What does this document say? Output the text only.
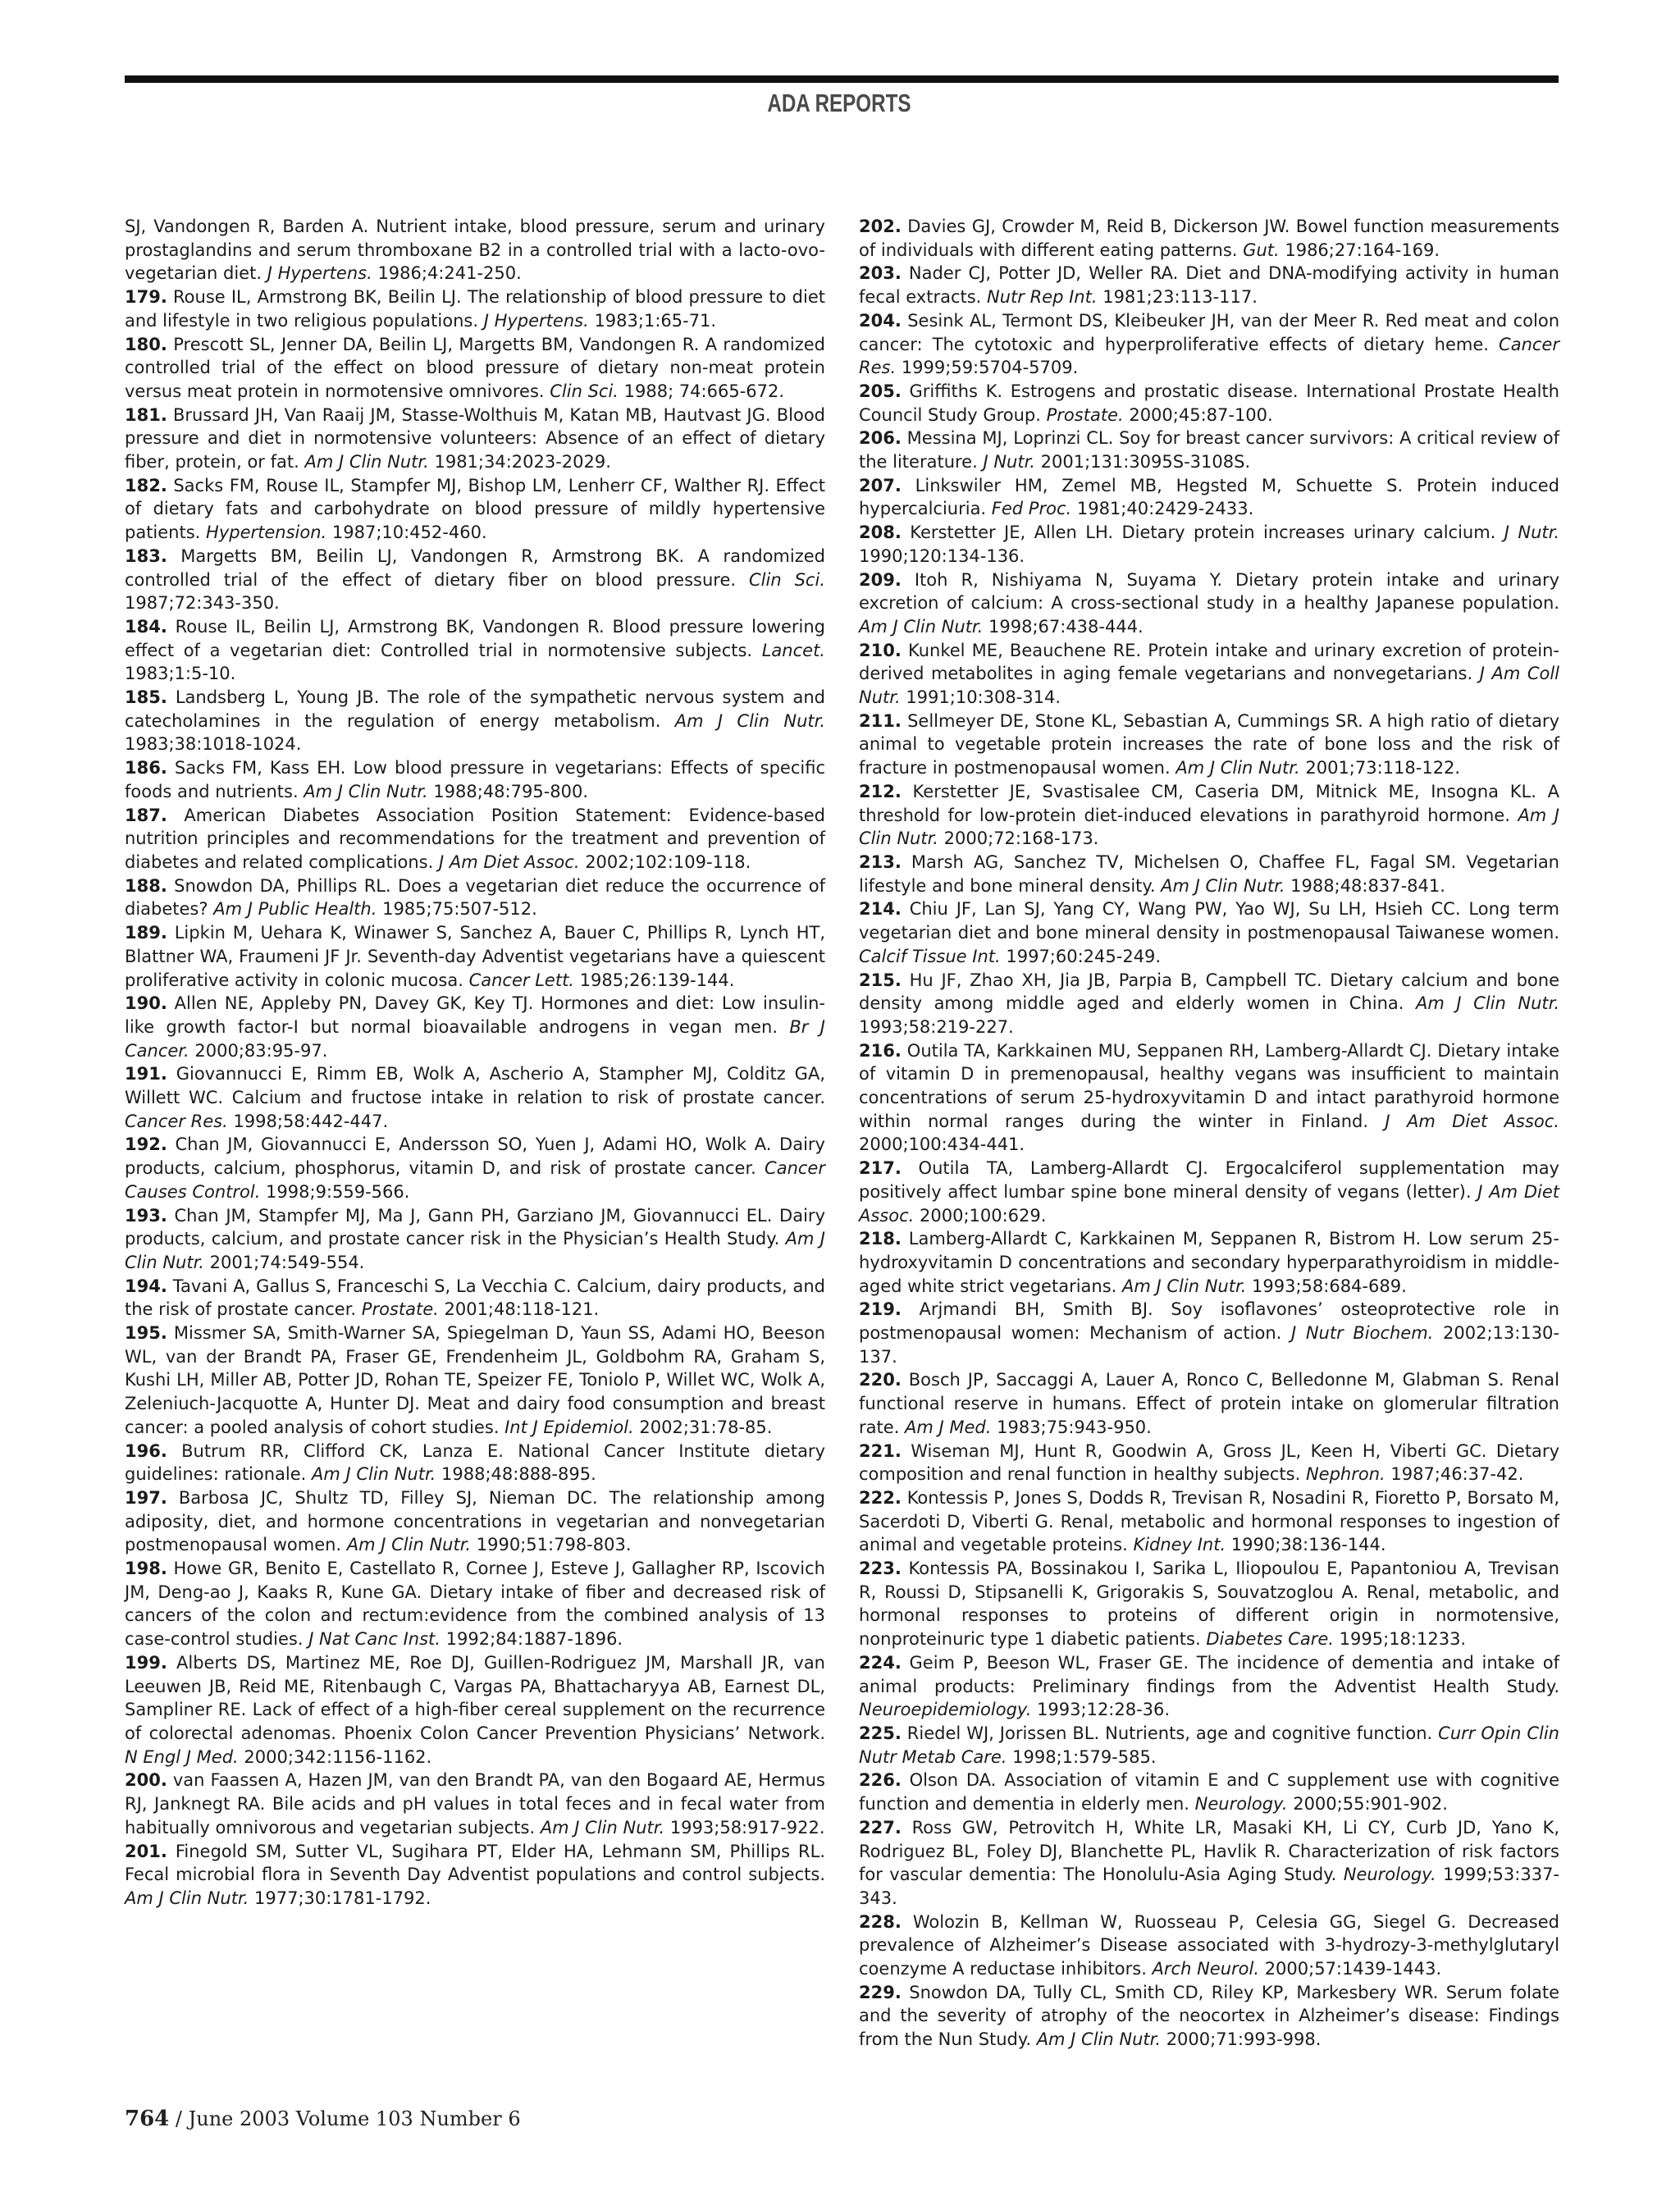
ADA REPORTS

SJ, Vandongen R, Barden A. Nutrient intake, blood pressure, serum and urinary prostaglandins and serum thromboxane B2 in a controlled trial with a lacto-ovo-vegetarian diet. J Hypertens. 1986;4:241-250.

179. Rouse IL, Armstrong BK, Beilin LJ. The relationship of blood pressure to diet and lifestyle in two religious populations. J Hypertens. 1983;1:65-71.

180. Prescott SL, Jenner DA, Beilin LJ, Margetts BM, Vandongen R. A randomized controlled trial of the effect on blood pressure of dietary non-meat protein versus meat protein in normotensive omnivores. Clin Sci. 1988; 74:665-672.

181. Brussard JH, Van Raaij JM, Stasse-Wolthuis M, Katan MB, Hautvast JG. Blood pressure and diet in normotensive volunteers: Absence of an effect of dietary fiber, protein, or fat. Am J Clin Nutr. 1981;34:2023-2029.

182. Sacks FM, Rouse IL, Stampfer MJ, Bishop LM, Lenherr CF, Walther RJ. Effect of dietary fats and carbohydrate on blood pressure of mildly hypertensive patients. Hypertension. 1987;10:452-460.

183. Margetts BM, Beilin LJ, Vandongen R, Armstrong BK. A randomized controlled trial of the effect of dietary fiber on blood pressure. Clin Sci. 1987;72:343-350.

184. Rouse IL, Beilin LJ, Armstrong BK, Vandongen R. Blood pressure lowering effect of a vegetarian diet: Controlled trial in normotensive subjects. Lancet. 1983;1:5-10.

185. Landsberg L, Young JB. The role of the sympathetic nervous system and catecholamines in the regulation of energy metabolism. Am J Clin Nutr. 1983;38:1018-1024.

186. Sacks FM, Kass EH. Low blood pressure in vegetarians: Effects of specific foods and nutrients. Am J Clin Nutr. 1988;48:795-800.

187. American Diabetes Association Position Statement: Evidence-based nutrition principles and recommendations for the treatment and prevention of diabetes and related complications. J Am Diet Assoc. 2002;102:109-118.

188. Snowdon DA, Phillips RL. Does a vegetarian diet reduce the occurrence of diabetes? Am J Public Health. 1985;75:507-512.

189. Lipkin M, Uehara K, Winawer S, Sanchez A, Bauer C, Phillips R, Lynch HT, Blattner WA, Fraumeni JF Jr. Seventh-day Adventist vegetarians have a quiescent proliferative activity in colonic mucosa. Cancer Lett. 1985;26:139-144.

190. Allen NE, Appleby PN, Davey GK, Key TJ. Hormones and diet: Low insulin-like growth factor-I but normal bioavailable androgens in vegan men. Br J Cancer. 2000;83:95-97.

191. Giovannucci E, Rimm EB, Wolk A, Ascherio A, Stampher MJ, Colditz GA, Willett WC. Calcium and fructose intake in relation to risk of prostate cancer. Cancer Res. 1998;58:442-447.

192. Chan JM, Giovannucci E, Andersson SO, Yuen J, Adami HO, Wolk A. Dairy products, calcium, phosphorus, vitamin D, and risk of prostate cancer. Cancer Causes Control. 1998;9:559-566.

193. Chan JM, Stampfer MJ, Ma J, Gann PH, Garziano JM, Giovannucci EL. Dairy products, calcium, and prostate cancer risk in the Physician’s Health Study. Am J Clin Nutr. 2001;74:549-554.

194. Tavani A, Gallus S, Franceschi S, La Vecchia C. Calcium, dairy products, and the risk of prostate cancer. Prostate. 2001;48:118-121.

195. Missmer SA, Smith-Warner SA, Spiegelman D, Yaun SS, Adami HO, Beeson WL, van der Brandt PA, Fraser GE, Frendenheim JL, Goldbohm RA, Graham S, Kushi LH, Miller AB, Potter JD, Rohan TE, Speizer FE, Toniolo P, Willet WC, Wolk A, Zeleniuch-Jacquotte A, Hunter DJ. Meat and dairy food consumption and breast cancer: a pooled analysis of cohort studies. Int J Epidemiol. 2002;31:78-85.

196. Butrum RR, Clifford CK, Lanza E. National Cancer Institute dietary guidelines: rationale. Am J Clin Nutr. 1988;48:888-895.

197. Barbosa JC, Shultz TD, Filley SJ, Nieman DC. The relationship among adiposity, diet, and hormone concentrations in vegetarian and nonvegetarian postmenopausal women. Am J Clin Nutr. 1990;51:798-803.

198. Howe GR, Benito E, Castellato R, Cornee J, Esteve J, Gallagher RP, Iscovich JM, Deng-ao J, Kaaks R, Kune GA. Dietary intake of fiber and decreased risk of cancers of the colon and rectum:evidence from the combined analysis of 13 case-control studies. J Nat Canc Inst. 1992;84:1887-1896.

199. Alberts DS, Martinez ME, Roe DJ, Guillen-Rodriguez JM, Marshall JR, van Leeuwen JB, Reid ME, Ritenbaugh C, Vargas PA, Bhattacharyya AB, Earnest DL, Sampliner RE. Lack of effect of a high-fiber cereal supplement on the recurrence of colorectal adenomas. Phoenix Colon Cancer Prevention Physicians’ Network. N Engl J Med. 2000;342:1156-1162.

200. van Faassen A, Hazen JM, van den Brandt PA, van den Bogaard AE, Hermus RJ, Janknegt RA. Bile acids and pH values in total feces and in fecal water from habitually omnivorous and vegetarian subjects. Am J Clin Nutr. 1993;58:917-922.

201. Finegold SM, Sutter VL, Sugihara PT, Elder HA, Lehmann SM, Phillips RL. Fecal microbial flora in Seventh Day Adventist populations and control subjects. Am J Clin Nutr. 1977;30:1781-1792.

202. Davies GJ, Crowder M, Reid B, Dickerson JW. Bowel function measurements of individuals with different eating patterns. Gut. 1986;27:164-169.

203. Nader CJ, Potter JD, Weller RA. Diet and DNA-modifying activity in human fecal extracts. Nutr Rep Int. 1981;23:113-117.

204. Sesink AL, Termont DS, Kleibeuker JH, van der Meer R. Red meat and colon cancer: The cytotoxic and hyperproliferative effects of dietary heme. Cancer Res. 1999;59:5704-5709.

205. Griffiths K. Estrogens and prostatic disease. International Prostate Health Council Study Group. Prostate. 2000;45:87-100.

206. Messina MJ, Loprinzi CL. Soy for breast cancer survivors: A critical review of the literature. J Nutr. 2001;131:3095S-3108S.

207. Linkswiler HM, Zemel MB, Hegsted M, Schuette S. Protein induced hypercalciuria. Fed Proc. 1981;40:2429-2433.

208. Kerstetter JE, Allen LH. Dietary protein increases urinary calcium. J Nutr. 1990;120:134-136.

209. Itoh R, Nishiyama N, Suyama Y. Dietary protein intake and urinary excretion of calcium: A cross-sectional study in a healthy Japanese population. Am J Clin Nutr. 1998;67:438-444.

210. Kunkel ME, Beauchene RE. Protein intake and urinary excretion of protein-derived metabolites in aging female vegetarians and nonvegetarians. J Am Coll Nutr. 1991;10:308-314.

211. Sellmeyer DE, Stone KL, Sebastian A, Cummings SR. A high ratio of dietary animal to vegetable protein increases the rate of bone loss and the risk of fracture in postmenopausal women. Am J Clin Nutr. 2001;73:118-122.

212. Kerstetter JE, Svastisalee CM, Caseria DM, Mitnick ME, Insogna KL. A threshold for low-protein diet-induced elevations in parathyroid hormone. Am J Clin Nutr. 2000;72:168-173.

213. Marsh AG, Sanchez TV, Michelsen O, Chaffee FL, Fagal SM. Vegetarian lifestyle and bone mineral density. Am J Clin Nutr. 1988;48:837-841.

214. Chiu JF, Lan SJ, Yang CY, Wang PW, Yao WJ, Su LH, Hsieh CC. Long term vegetarian diet and bone mineral density in postmenopausal Taiwanese women. Calcif Tissue Int. 1997;60:245-249.

215. Hu JF, Zhao XH, Jia JB, Parpia B, Campbell TC. Dietary calcium and bone density among middle aged and elderly women in China. Am J Clin Nutr. 1993;58:219-227.

216. Outila TA, Karkkainen MU, Seppanen RH, Lamberg-Allardt CJ. Dietary intake of vitamin D in premenopausal, healthy vegans was insufficient to maintain concentrations of serum 25-hydroxyvitamin D and intact parathyroid hormone within normal ranges during the winter in Finland. J Am Diet Assoc. 2000;100:434-441.

217. Outila TA, Lamberg-Allardt CJ. Ergocalciferol supplementation may positively affect lumbar spine bone mineral density of vegans (letter). J Am Diet Assoc. 2000;100:629.

218. Lamberg-Allardt C, Karkkainen M, Seppanen R, Bistrom H. Low serum 25-hydroxyvitamin D concentrations and secondary hyperparathyroidism in middle-aged white strict vegetarians. Am J Clin Nutr. 1993;58:684-689.

219. Arjmandi BH, Smith BJ. Soy isoflavones’ osteoprotective role in postmenopausal women: Mechanism of action. J Nutr Biochem. 2002;13:130-137.

220. Bosch JP, Saccaggi A, Lauer A, Ronco C, Belledonne M, Glabman S. Renal functional reserve in humans. Effect of protein intake on glomerular filtration rate. Am J Med. 1983;75:943-950.

221. Wiseman MJ, Hunt R, Goodwin A, Gross JL, Keen H, Viberti GC. Dietary composition and renal function in healthy subjects. Nephron. 1987;46:37-42.

222. Kontessis P, Jones S, Dodds R, Trevisan R, Nosadini R, Fioretto P, Borsato M, Sacerdoti D, Viberti G. Renal, metabolic and hormonal responses to ingestion of animal and vegetable proteins. Kidney Int. 1990;38:136-144.

223. Kontessis PA, Bossinakou I, Sarika L, Iliopoulou E, Papantoniou A, Trevisan R, Roussi D, Stipsanelli K, Grigorakis S, Souvatzoglou A. Renal, metabolic, and hormonal responses to proteins of different origin in normotensive, nonproteinuric type 1 diabetic patients. Diabetes Care. 1995;18:1233.

224. Geim P, Beeson WL, Fraser GE. The incidence of dementia and intake of animal products: Preliminary findings from the Adventist Health Study. Neuroepidemiology. 1993;12:28-36.

225. Riedel WJ, Jorissen BL. Nutrients, age and cognitive function. Curr Opin Clin Nutr Metab Care. 1998;1:579-585.

226. Olson DA. Association of vitamin E and C supplement use with cognitive function and dementia in elderly men. Neurology. 2000;55:901-902.

227. Ross GW, Petrovitch H, White LR, Masaki KH, Li CY, Curb JD, Yano K, Rodriguez BL, Foley DJ, Blanchette PL, Havlik R. Characterization of risk factors for vascular dementia: The Honolulu-Asia Aging Study. Neurology. 1999;53:337-343.

228. Wolozin B, Kellman W, Ruosseau P, Celesia GG, Siegel G. Decreased prevalence of Alzheimer’s Disease associated with 3-hydrozy-3-methylglutaryl coenzyme A reductase inhibitors. Arch Neurol. 2000;57:1439-1443.

229. Snowdon DA, Tully CL, Smith CD, Riley KP, Markesbery WR. Serum folate and the severity of atrophy of the neocortex in Alzheimer’s disease: Findings from the Nun Study. Am J Clin Nutr. 2000;71:993-998.

764 / June 2003 Volume 103 Number 6
